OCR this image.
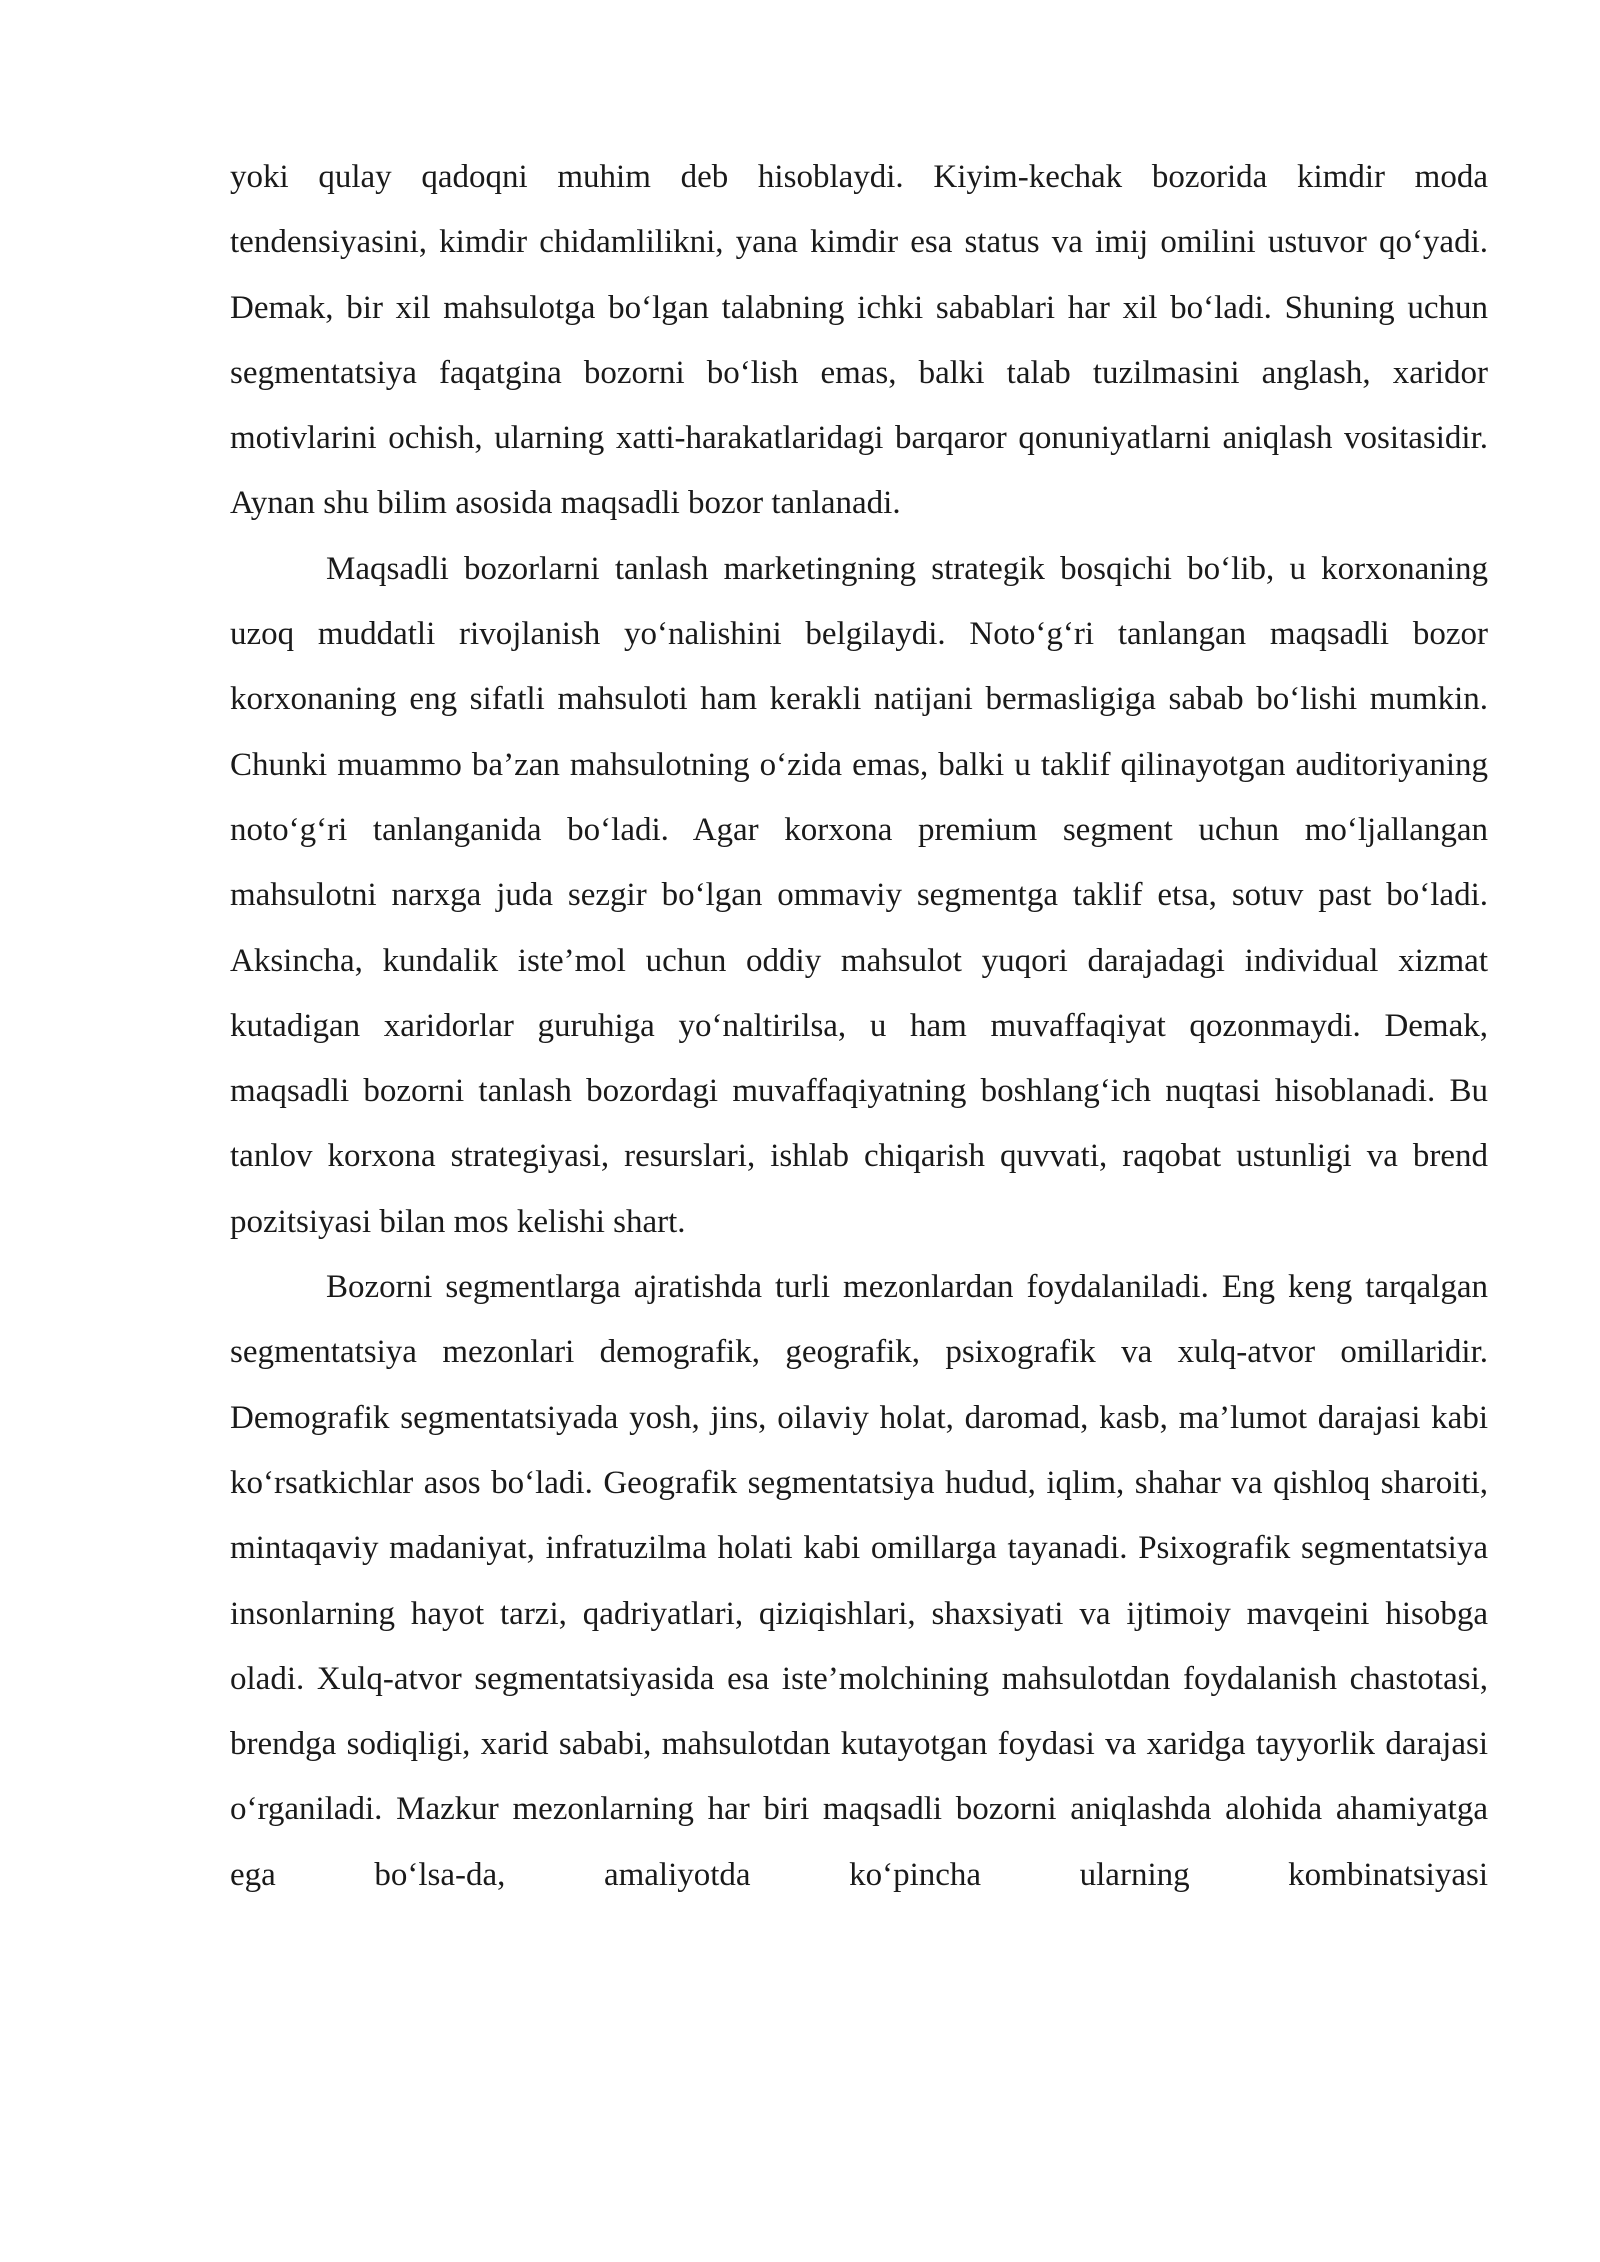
yoki qulay qadoqni muhim deb hisoblaydi. Kiyim-kechak bozorida kimdir moda tendensiyasini, kimdir chidamlilikni, yana kimdir esa status va imij omilini ustuvor qo‘yadi. Demak, bir xil mahsulotga bo‘lgan talabning ichki sabablari har xil bo‘ladi. Shuning uchun segmentatsiya faqatgina bozorni bo‘lish emas, balki talab tuzilmasini anglash, xaridor motivlarini ochish, ularning xatti-harakatlaridagi barqaror qonuniyatlarni aniqlash vositasidir. Aynan shu bilim asosida maqsadli bozor tanlanadi.

Maqsadli bozorlarni tanlash marketingning strategik bosqichi bo‘lib, u korxonaning uzoq muddatli rivojlanish yo‘nalishini belgilaydi. Noto‘g‘ri tanlangan maqsadli bozor korxonaning eng sifatli mahsuloti ham kerakli natijani bermasligiga sabab bo‘lishi mumkin. Chunki muammo ba’zan mahsulotning o‘zida emas, balki u taklif qilinayotgan auditoriyaning noto‘g‘ri tanlanganida bo‘ladi. Agar korxona premium segment uchun mo‘ljallangan mahsulotni narxga juda sezgir bo‘lgan ommaviy segmentga taklif etsa, sotuv past bo‘ladi. Aksincha, kundalik iste’mol uchun oddiy mahsulot yuqori darajadagi individual xizmat kutadigan xaridorlar guruhiga yo‘naltirilsa, u ham muvaffaqiyat qozonmaydi. Demak, maqsadli bozorni tanlash bozordagi muvaffaqiyatning boshlang‘ich nuqtasi hisoblanadi. Bu tanlov korxona strategiyasi, resurslari, ishlab chiqarish quvvati, raqobat ustunligi va brend pozitsiyasi bilan mos kelishi shart.

Bozorni segmentlarga ajratishda turli mezonlardan foydalaniladi. Eng keng tarqalgan segmentatsiya mezonlari demografik, geografik, psixografik va xulq-atvor omillaridir. Demografik segmentatsiyada yosh, jins, oilaviy holat, daromad, kasb, ma’lumot darajasi kabi ko‘rsatkichlar asos bo‘ladi. Geografik segmentatsiya hudud, iqlim, shahar va qishloq sharoiti, mintaqaviy madaniyat, infratuzilma holati kabi omillarga tayanadi. Psixografik segmentatsiya insonlarning hayot tarzi, qadriyatlari, qiziqishlari, shaxsiyati va ijtimoiy mavqeini hisobga oladi. Xulq-atvor segmentatsiyasida esa iste’molchining mahsulotdan foydalanish chastotasi, brendga sodiqligi, xarid sababi, mahsulotdan kutayotgan foydasi va xaridga tayyorlik darajasi o‘rganiladi. Mazkur mezonlarning har biri maqsadli bozorni aniqlashda alohida ahamiyatga ega bo‘lsa-da, amaliyotda ko‘pincha ularning kombinatsiyasi
